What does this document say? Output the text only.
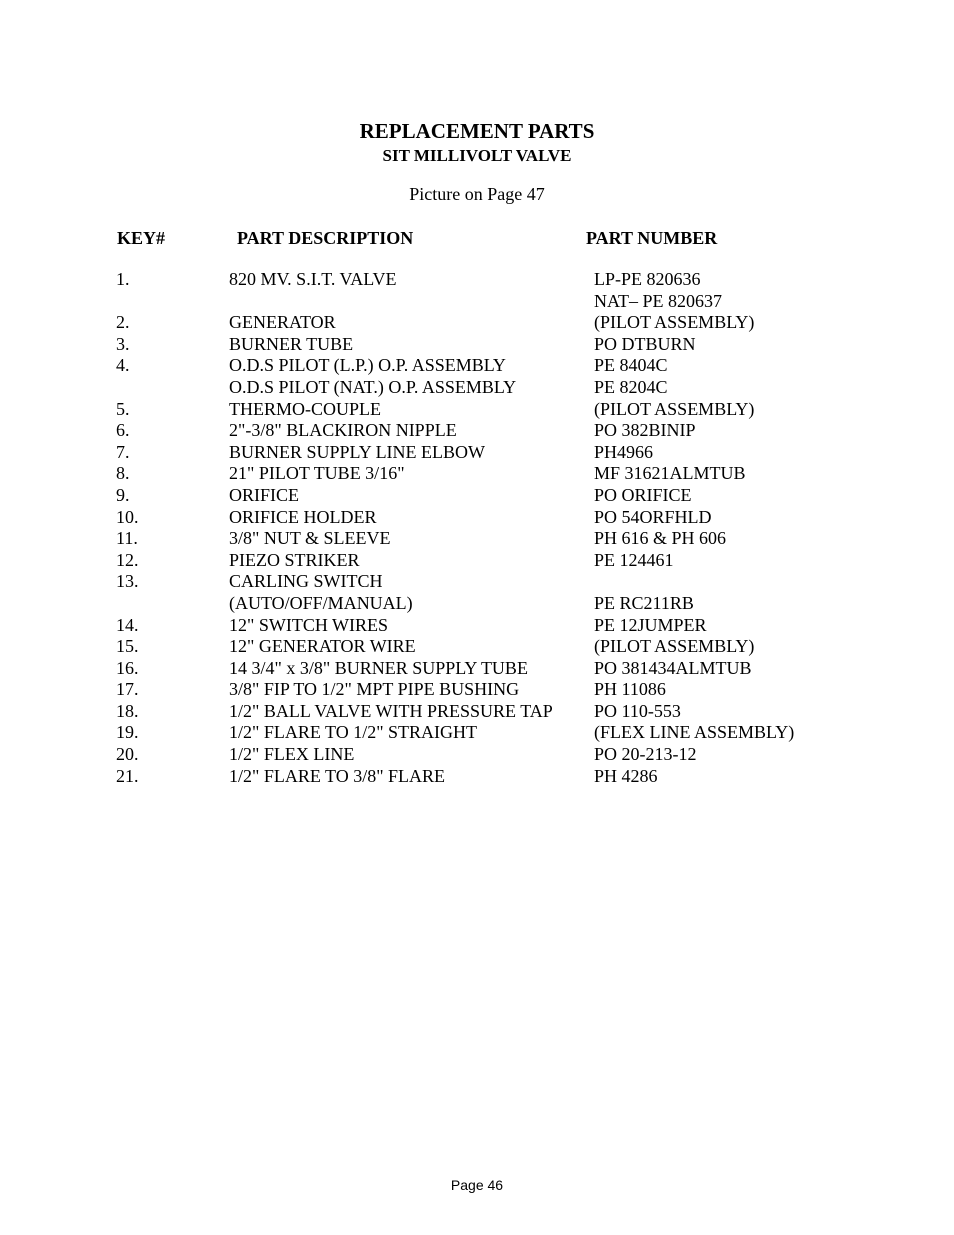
REPLACEMENT PARTS
SIT MILLIVOLT VALVE
Picture on Page 47
KEY#	PART DESCRIPTION	PART NUMBER
1.	820 MV. S.I.T. VALVE	LP-PE 820636
NAT– PE 820637
2.	GENERATOR	(PILOT ASSEMBLY)
3.	BURNER TUBE	PO DTBURN
4.	O.D.S PILOT (L.P.) O.P. ASSEMBLY	PE 8404C
O.D.S PILOT (NAT.) O.P. ASSEMBLY	PE 8204C
5.	THERMO-COUPLE	(PILOT ASSEMBLY)
6.	2"-3/8" BLACKIRON NIPPLE	PO 382BINIP
7.	BURNER SUPPLY LINE ELBOW	PH4966
8.	21" PILOT TUBE 3/16"	MF 31621ALMTUB
9.	ORIFICE	PO ORIFICE
10.	ORIFICE HOLDER	PO 54ORFHLD
11.	3/8" NUT & SLEEVE	PH 616 & PH 606
12.	PIEZO STRIKER	PE 124461
13.	CARLING SWITCH
(AUTO/OFF/MANUAL)	PE RC211RB
14.	12" SWITCH WIRES	PE 12JUMPER
15.	12" GENERATOR WIRE	(PILOT ASSEMBLY)
16.	14 3/4" x 3/8" BURNER SUPPLY TUBE	PO 381434ALMTUB
17.	3/8" FIP TO 1/2" MPT PIPE BUSHING	PH 11086
18.	1/2" BALL VALVE WITH PRESSURE TAP PO 110-553
19.	1/2" FLARE TO 1/2" STRAIGHT	(FLEX LINE ASSEMBLY)
20.	1/2" FLEX LINE	PO 20-213-12
21.	1/2" FLARE TO 3/8" FLARE	PH 4286
Page 46
